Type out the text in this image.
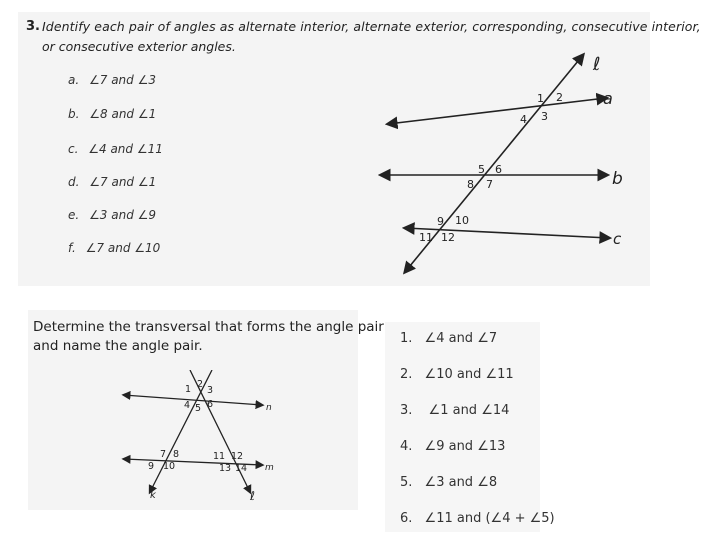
3. Identify each pair of angles as alternate interior, alternate exterior, corresponding, consecutive interior,
or consecutive exterior angles.
a. ∠7 and ∠3
b. ∠8 and ∠1
c. ∠4 and ∠11
d. ∠7 and ∠1
e. ∠3 and ∠9
f. ∠7 and ∠10
ℓ
a
b
c
1 2
4 3
5 6
8 7
9 10
11 12
Determine the transversal that forms the angle pair
and name the angle pair.
n
m
k	ℓ
1 2
3
4 5 6
7 8
9 10
11 12
13 14
1. ∠4 and ∠7
2. ∠10 and ∠11
3. ∠1 and ∠14
4. ∠9 and ∠13
5. ∠3 and ∠8
6. ∠11 and (∠4 + ∠5)
